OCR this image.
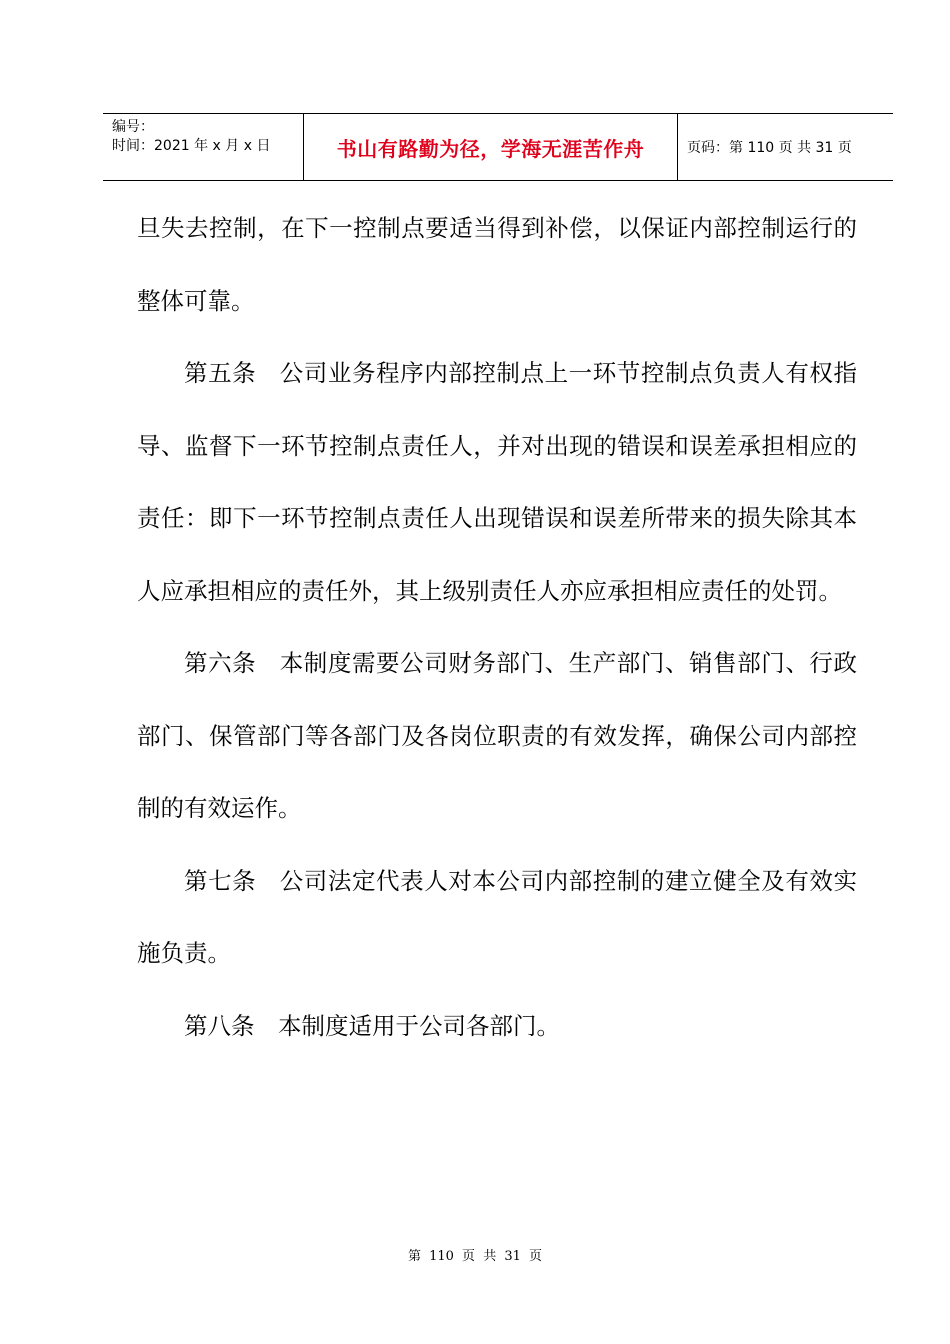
编号：
时间：2021 年 x 月 x 日	书山有路勤为径，学海无涯苦作舟	页码：第 110 页 共 31 页

旦失去控制，在下一控制点要适当得到补偿，以保证内部控制运行的整体可靠。

第五条 公司业务程序内部控制点上一环节控制点负责人有权指导、监督下一环节控制点责任人，并对出现的错误和误差承担相应的责任：即下一环节控制点责任人出现错误和误差所带来的损失除其本人应承担相应的责任外，其上级别责任人亦应承担相应责任的处罚。

第六条 本制度需要公司财务部门、生产部门、销售部门、行政部门、保管部门等各部门及各岗位职责的有效发挥，确保公司内部控制的有效运作。

第七条 公司法定代表人对本公司内部控制的建立健全及有效实施负责。

第八条 本制度适用于公司各部门。

第 110 页 共 31 页
